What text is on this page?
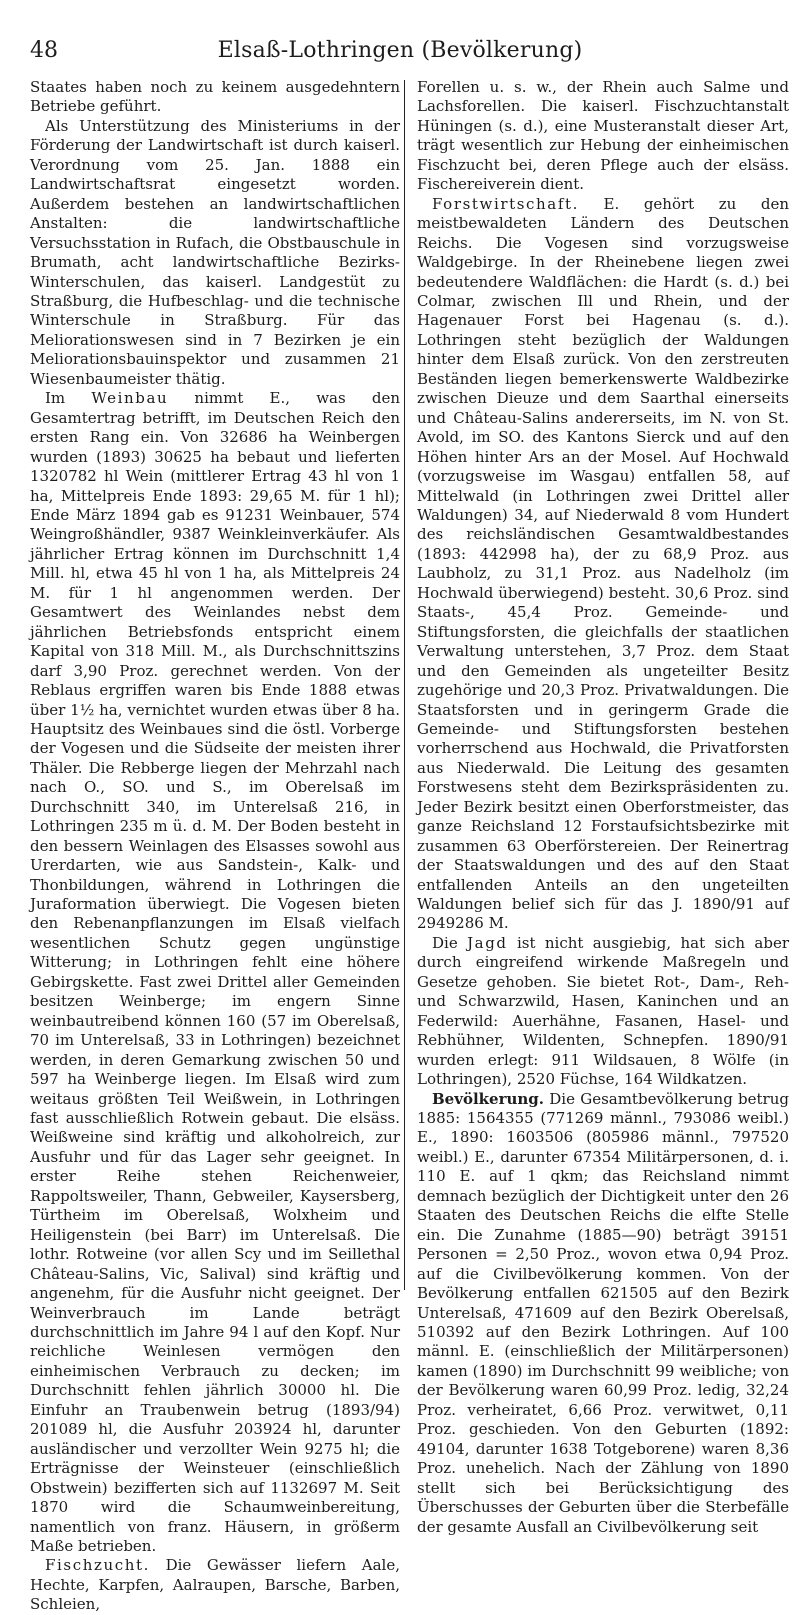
48	Elsaß-Lothringen (Bevölkerung)

Staates haben noch zu keinem ausgedehntern Betriebe geführt.

Als Unterstützung des Ministeriums in der Förderung der Landwirtschaft ist durch kaiserl. Verordnung vom 25. Jan. 1888 ein Landwirtschaftsrat eingesetzt worden. Außerdem bestehen an landwirtschaftlichen Anstalten: die landwirtschaftliche Versuchsstation in Rufach, die Obstbauschule in Brumath, acht landwirtschaftliche Bezirks-Winterschulen, das kaiserl. Landgestüt zu Straßburg, die Hufbeschlag- und die technische Winterschule in Straßburg. Für das Meliorationswesen sind in 7 Bezirken je ein Meliorationsbauinspektor und zusammen 21 Wiesenbaumeister thätig.

Im Weinbau nimmt E., was den Gesamtertrag betrifft, im Deutschen Reich den ersten Rang ein. Von 32686 ha Weinbergen wurden (1893) 30625 ha bebaut und lieferten 1320782 hl Wein (mittlerer Ertrag 43 hl von 1 ha, Mittelpreis Ende 1893: 29,65 M. für 1 hl); Ende März 1894 gab es 91231 Weinbauer, 574 Weingroßhändler, 9387 Weinkleinverkäufer. Als jährlicher Ertrag können im Durchschnitt 1,4 Mill. hl, etwa 45 hl von 1 ha, als Mittelpreis 24 M. für 1 hl angenommen werden. Der Gesamtwert des Weinlandes nebst dem jährlichen Betriebsfonds entspricht einem Kapital von 318 Mill. M., als Durchschnittszins darf 3,90 Proz. gerechnet werden. Von der Reblaus ergriffen waren bis Ende 1888 etwas über 1½ ha, vernichtet wurden etwas über 8 ha. Hauptsitz des Weinbaues sind die östl. Vorberge der Vogesen und die Südseite der meisten ihrer Thäler. Die Rebberge liegen der Mehrzahl nach nach O., SO. und S., im Oberelsaß im Durchschnitt 340, im Unterelsaß 216, in Lothringen 235 m ü. d. M. Der Boden besteht in den bessern Weinlagen des Elsasses sowohl aus Urerdarten, wie aus Sandstein-, Kalk- und Thonbildungen, während in Lothringen die Juraformation überwiegt. Die Vogesen bieten den Rebenanpflanzungen im Elsaß vielfach wesentlichen Schutz gegen ungünstige Witterung; in Lothringen fehlt eine höhere Gebirgskette. Fast zwei Drittel aller Gemeinden besitzen Weinberge; im engern Sinne weinbautreibend können 160 (57 im Oberelsaß, 70 im Unterelsaß, 33 in Lothringen) bezeichnet werden, in deren Gemarkung zwischen 50 und 597 ha Weinberge liegen. Im Elsaß wird zum weitaus größten Teil Weißwein, in Lothringen fast ausschließlich Rotwein gebaut. Die elsäss. Weißweine sind kräftig und alkoholreich, zur Ausfuhr und für das Lager sehr geeignet. In erster Reihe stehen Reichenweier, Rappoltsweiler, Thann, Gebweiler, Kaysersberg, Türtheim im Oberelsaß, Wolxheim und Heiligenstein (bei Barr) im Unterelsaß. Die lothr. Rotweine (vor allen Scy und im Seillethal Château-Salins, Vic, Salival) sind kräftig und angenehm, für die Ausfuhr nicht geeignet. Der Weinverbrauch im Lande beträgt durchschnittlich im Jahre 94 l auf den Kopf. Nur reichliche Weinlesen vermögen den einheimischen Verbrauch zu decken; im Durchschnitt fehlen jährlich 30000 hl. Die Einfuhr an Traubenwein betrug (1893/94) 201089 hl, die Ausfuhr 203924 hl, darunter ausländischer und verzollter Wein 9275 hl; die Erträgnisse der Weinsteuer (einschließlich Obstwein) bezifferten sich auf 1132697 M. Seit 1870 wird die Schaumweinbereitung, namentlich von franz. Häusern, in größerm Maße betrieben.

Fischzucht. Die Gewässer liefern Aale, Hechte, Karpfen, Aalraupen, Barsche, Barben, Schleien,

Forellen u. s. w., der Rhein auch Salme und Lachsforellen. Die kaiserl. Fischzuchtanstalt Hüningen (s. d.), eine Musteranstalt dieser Art, trägt wesentlich zur Hebung der einheimischen Fischzucht bei, deren Pflege auch der elsäss. Fischereiverein dient.

Forstwirtschaft. E. gehört zu den meistbewaldeten Ländern des Deutschen Reichs. Die Vogesen sind vorzugsweise Waldgebirge. In der Rheinebene liegen zwei bedeutendere Waldflächen: die Hardt (s. d.) bei Colmar, zwischen Ill und Rhein, und der Hagenauer Forst bei Hagenau (s. d.). Lothringen steht bezüglich der Waldungen hinter dem Elsaß zurück. Von den zerstreuten Beständen liegen bemerkenswerte Waldbezirke zwischen Dieuze und dem Saarthal einerseits und Château-Salins andererseits, im N. von St. Avold, im SO. des Kantons Sierck und auf den Höhen hinter Ars an der Mosel. Auf Hochwald (vorzugsweise im Wasgau) entfallen 58, auf Mittelwald (in Lothringen zwei Drittel aller Waldungen) 34, auf Niederwald 8 vom Hundert des reichsländischen Gesamtwaldbestandes (1893: 442998 ha), der zu 68,9 Proz. aus Laubholz, zu 31,1 Proz. aus Nadelholz (im Hochwald überwiegend) besteht. 30,6 Proz. sind Staats-, 45,4 Proz. Gemeinde- und Stiftungsforsten, die gleichfalls der staatlichen Verwaltung unterstehen, 3,7 Proz. dem Staat und den Gemeinden als ungeteilter Besitz zugehörige und 20,3 Proz. Privatwaldungen. Die Staatsforsten und in geringerm Grade die Gemeinde- und Stiftungsforsten bestehen vorherrschend aus Hochwald, die Privatforsten aus Niederwald. Die Leitung des gesamten Forstwesens steht dem Bezirkspräsidenten zu. Jeder Bezirk besitzt einen Oberforstmeister, das ganze Reichsland 12 Forstaufsichtsbezirke mit zusammen 63 Oberförstereien. Der Reinertrag der Staatswaldungen und des auf den Staat entfallenden Anteils an den ungeteilten Waldungen belief sich für das J. 1890/91 auf 2949286 M.

Die Jagd ist nicht ausgiebig, hat sich aber durch eingreifend wirkende Maßregeln und Gesetze gehoben. Sie bietet Rot-, Dam-, Reh- und Schwarzwild, Hasen, Kaninchen und an Federwild: Auerhähne, Fasanen, Hasel- und Rebhühner, Wildenten, Schnepfen. 1890/91 wurden erlegt: 911 Wildsauen, 8 Wölfe (in Lothringen), 2520 Füchse, 164 Wildkatzen.

Bevölkerung. Die Gesamtbevölkerung betrug 1885: 1564355 (771269 männl., 793086 weibl.) E., 1890: 1603506 (805986 männl., 797520 weibl.) E., darunter 67354 Militärpersonen, d. i. 110 E. auf 1 qkm; das Reichsland nimmt demnach bezüglich der Dichtigkeit unter den 26 Staaten des Deutschen Reichs die elfte Stelle ein. Die Zunahme (1885—90) beträgt 39151 Personen = 2,50 Proz., wovon etwa 0,94 Proz. auf die Civilbevölkerung kommen. Von der Bevölkerung entfallen 621505 auf den Bezirk Unterelsaß, 471609 auf den Bezirk Oberelsaß, 510392 auf den Bezirk Lothringen. Auf 100 männl. E. (einschließlich der Militärpersonen) kamen (1890) im Durchschnitt 99 weibliche; von der Bevölkerung waren 60,99 Proz. ledig, 32,24 Proz. verheiratet, 6,66 Proz. verwitwet, 0,11 Proz. geschieden. Von den Geburten (1892: 49104, darunter 1638 Totgeborene) waren 8,36 Proz. unehelich. Nach der Zählung von 1890 stellt sich bei Berücksichtigung des Überschusses der Geburten über die Sterbefälle der gesamte Ausfall an Civilbevölkerung seit
